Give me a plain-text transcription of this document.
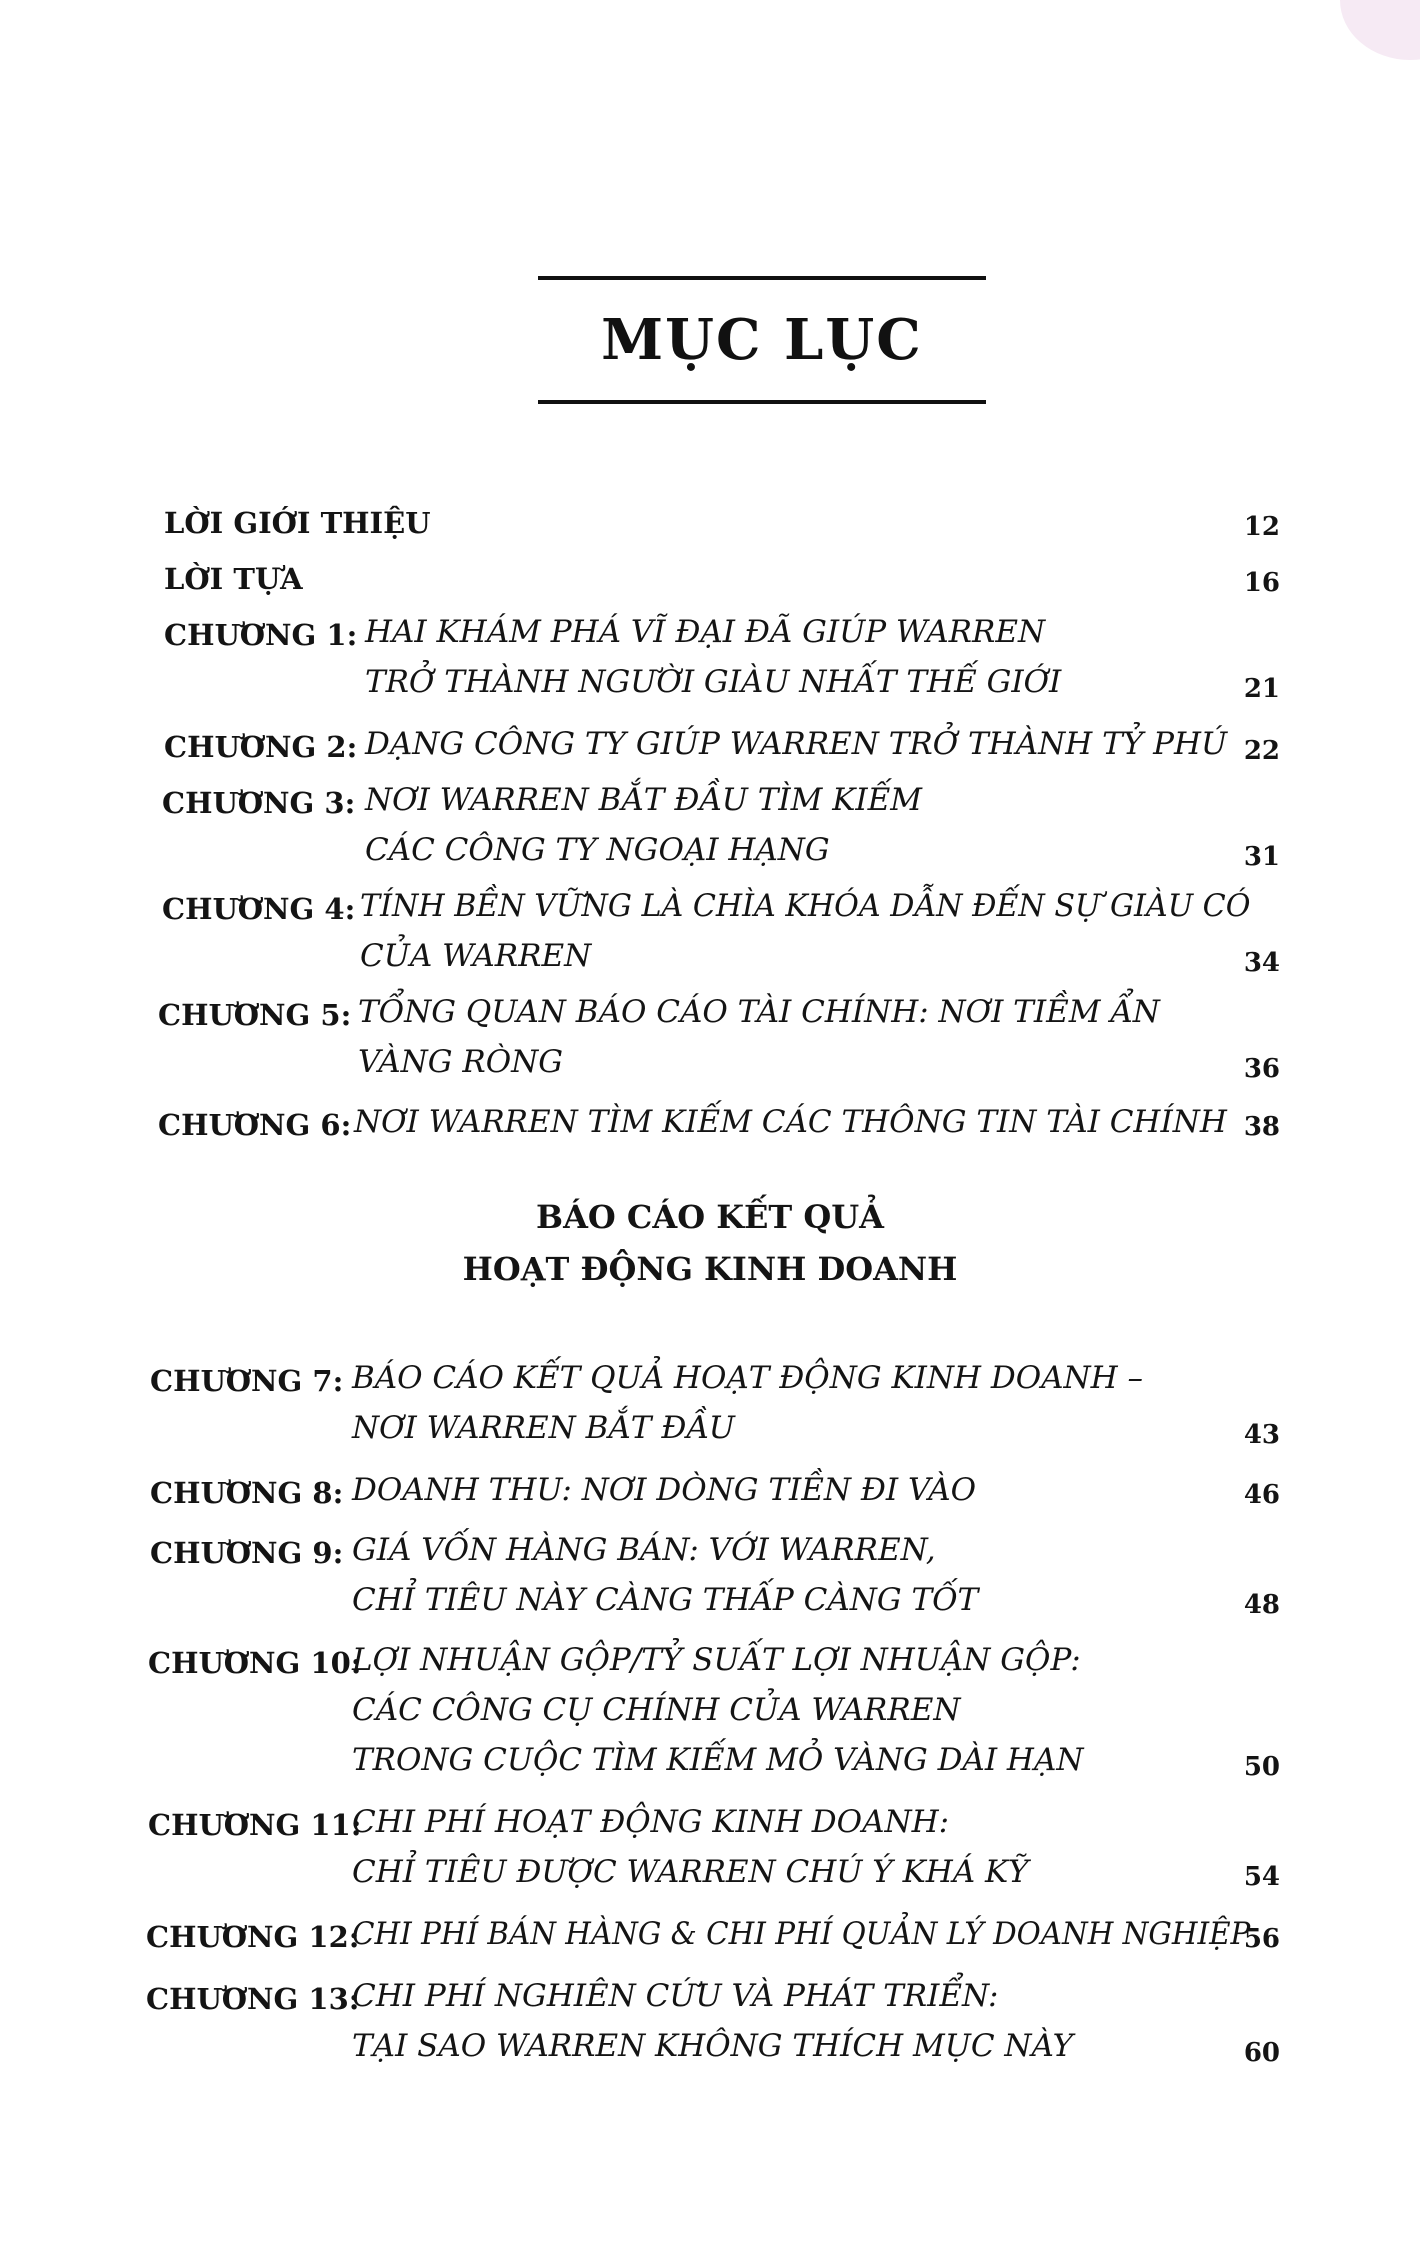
MỤC LỤC
LỜI GIỚI THIỆU	12
LỜI TỰA	16
CHƯƠNG 1: HAI KHÁM PHÁ VĨ ĐẠI ĐÃ GIÚP WARREN
TRỞ THÀNH NGƯỜI GIÀU NHẤT THẾ GIỚI	21
CHƯƠNG 2: DẠNG CÔNG TY GIÚP WARREN TRỞ THÀNH TỶ PHÚ 22
CHƯƠNG 3: NƠI WARREN BẮT ĐẦU TÌM KIẾM
CÁC CÔNG TY NGOẠI HẠNG	31
CHƯƠNG 4: TÍNH BỀN VỮNG LÀ CHÌA KHÓA DẪN ĐẾN SỰ GIÀU CÓ
CỦA WARREN	34
CHƯƠNG 5: TỔNG QUAN BÁO CÁO TÀI CHÍNH: NƠI TIỀM ẨN
VÀNG RÒNG	36
CHƯƠNG 6: NƠI WARREN TÌM KIẾM CÁC THÔNG TIN TÀI CHÍNH 38
BÁO CÁO KẾT QUẢ
HOẠT ĐỘNG KINH DOANH
CHƯƠNG 7: BÁO CÁO KẾT QUẢ HOẠT ĐỘNG KINH DOANH –
NƠI WARREN BẮT ĐẦU	43
CHƯƠNG 8: DOANH THU: NƠI DÒNG TIỀN ĐI VÀO	46
CHƯƠNG 9: GIÁ VỐN HÀNG BÁN: VỚI WARREN,
CHỈ TIÊU NÀY CÀNG THẤP CÀNG TỐT	48
CHƯƠNG 10:
LỢI NHUẬN GỘP/TỶ SUẤT LỢI NHUẬN GỘP:
CÁC CÔNG CỤ CHÍNH CỦA WARREN
TRONG CUỘC TÌM KIẾM MỎ VÀNG DÀI HẠN	50
CHƯƠNG 11:
CHI PHÍ HOẠT ĐỘNG KINH DOANH:
CHỈ TIÊU ĐƯỢC WARREN CHÚ Ý KHÁ KỸ	54
CHƯƠNG 12:
CHI PHÍ BÁN HÀNG & CHI PHÍ QUẢN LÝ DOANH NGHIỆP
56
CHƯƠNG 13:
CHI PHÍ NGHIÊN CỨU VÀ PHÁT TRIỂN:
TẠI SAO WARREN KHÔNG THÍCH MỤC NÀY	60
